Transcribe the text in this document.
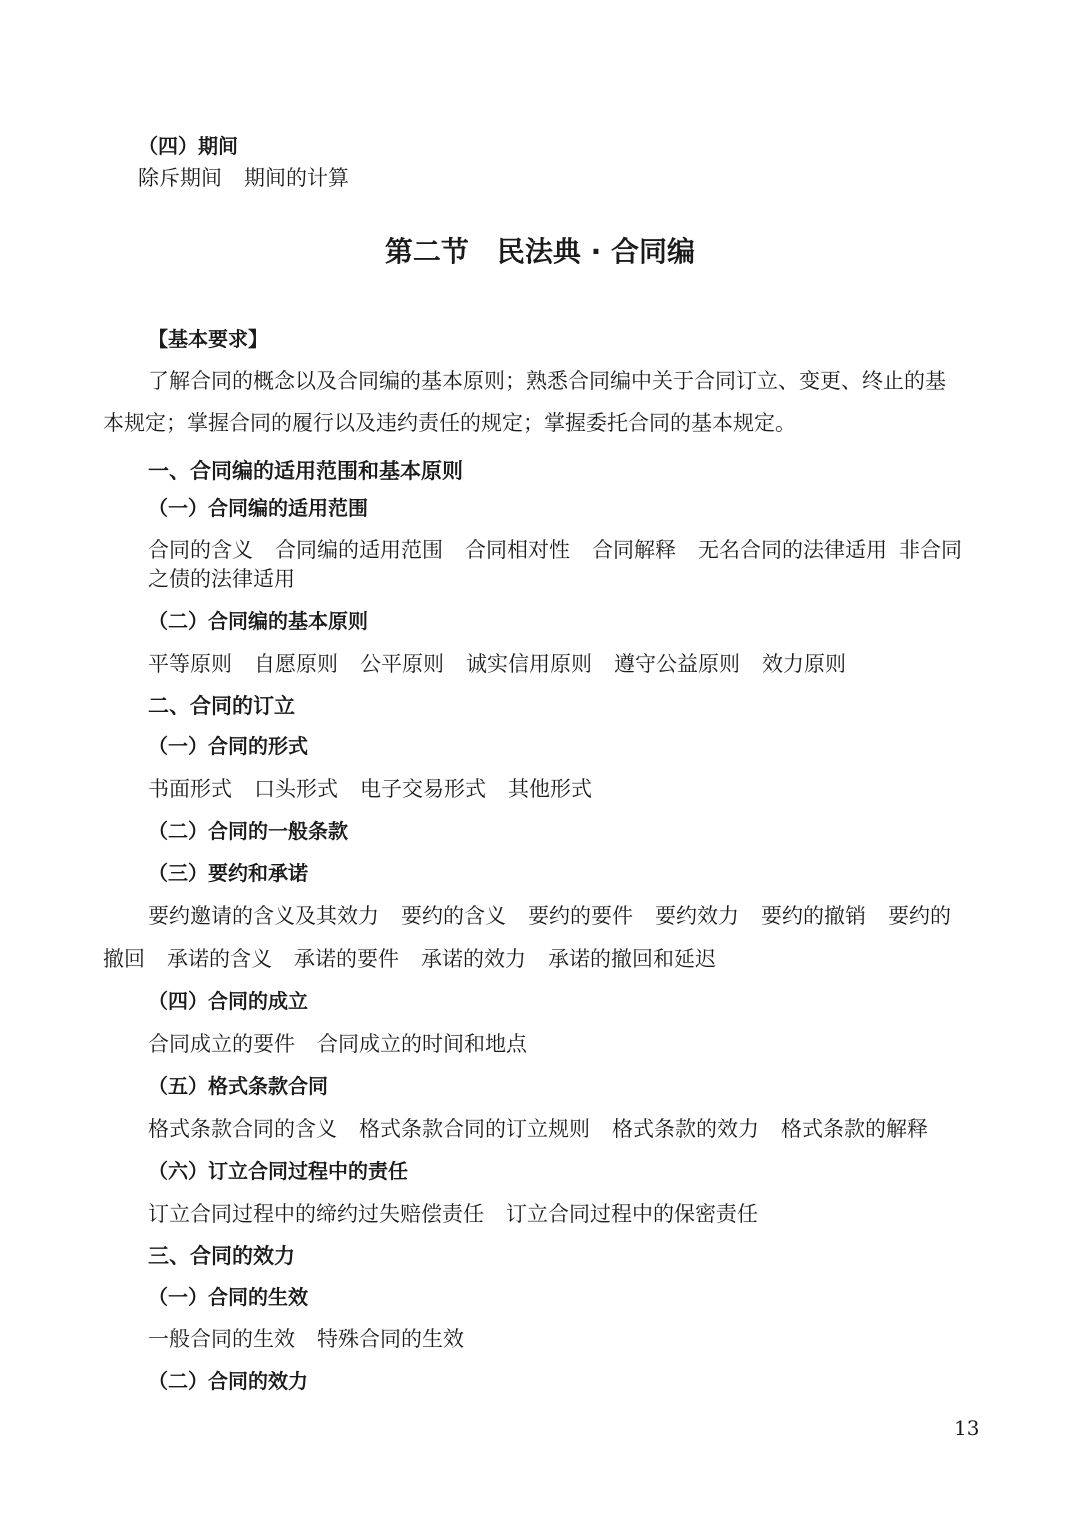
（四）期间
除斥期间 期间的计算
第二节　民法典 · 合同编
【基本要求】
了解合同的概念以及合同编的基本原则；熟悉合同编中关于合同订立、变更、终止的基
本规定；掌握合同的履行以及违约责任的规定；掌握委托合同的基本规定。
一、合同编的适用范围和基本原则
（一）合同编的适用范围
合同的含义 合同编的适用范围 合同相对性 合同解释 无名合同的法律适用 非合同
之债的法律适用
（二）合同编的基本原则
平等原则 自愿原则 公平原则 诚实信用原则 遵守公益原则 效力原则
二、合同的订立
（一）合同的形式
书面形式 口头形式 电子交易形式 其他形式
（二）合同的一般条款
（三）要约和承诺
要约邀请的含义及其效力 要约的含义 要约的要件 要约效力 要约的撤销 要约的
撤回 承诺的含义 承诺的要件 承诺的效力 承诺的撤回和延迟
（四）合同的成立
合同成立的要件 合同成立的时间和地点
（五）格式条款合同
格式条款合同的含义 格式条款合同的订立规则 格式条款的效力 格式条款的解释
（六）订立合同过程中的责任
订立合同过程中的缔约过失赔偿责任 订立合同过程中的保密责任
三、合同的效力
（一）合同的生效
一般合同的生效 特殊合同的生效
（二）合同的效力
13
